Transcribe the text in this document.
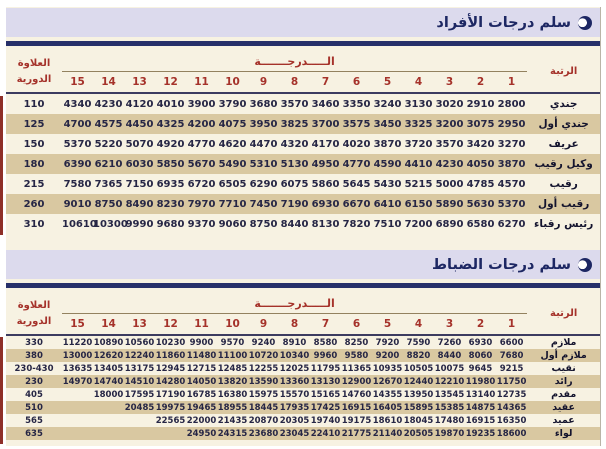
سلم درجات الأفراد
العلاوة
الدورية	الـــــدرجـــــــة															الرتبة
	15	14	13	12	11	10	9	8	7	6	5	4	3	2	1	
110	4340	4230	4120	4010	3900	3790	3680	3570	3460	3350	3240	3130	3020	2910	2800	جندي
125	4700	4575	4450	4325	4200	4075	3950	3825	3700	3575	3450	3325	3200	3075	2950	جندي أول
150	5370	5220	5070	4920	4770	4620	4470	4320	4170	4020	3870	3720	3570	3420	3270	عريف
180	6390	6210	6030	5850	5670	5490	5310	5130	4950	4770	4590	4410	4230	4050	3870	وكيل رقيب
215	7580	7365	7150	6935	6720	6505	6290	6075	5860	5645	5430	5215	5000	4785	4570	رقيب
260	9010	8750	8490	8230	7970	7710	7450	7190	6930	6670	6410	6150	5890	5630	5370	رقيب أول
310	10610	10300	9990	9680	9370	9060	8750	8440	8130	7820	7510	7200	6890	6580	6270	رئيس رقباء
سلم درجات الضباط
العلاوة
الدورية	الـــــدرجـــــــة															الرتبة
	15	14	13	12	11	10	9	8	7	6	5	4	3	2	1	
330	11220	10890	10560	10230	9900	9570	9240	8910	8580	8250	7920	7590	7260	6930	6600	ملازم
380	13000	12620	12240	11860	11480	11100	10720	10340	9960	9580	9200	8820	8440	8060	7680	ملازم أول
230-430	13635	13405	13175	12945	12715	12485	12255	12025	11795	11365	10935	10505	10075	9645	9215	نقيب
230	14970	14740	14510	14280	14050	13820	13590	13360	13130	12900	12670	12440	12210	11980	11750	رائد
405		18000	17595	17190	16785	16380	15975	15570	15165	14760	14355	13950	13545	13140	12735	مقدم
510			20485	19975	19465	18955	18445	17935	17425	16915	16405	15895	15385	14875	14365	عقيد
565				22565	22000	21435	20870	20305	19740	19175	18610	18045	17480	16915	16350	عميد
635					24950	24315	23680	23045	22410	21775	21140	20505	19870	19235	18600	لواء
